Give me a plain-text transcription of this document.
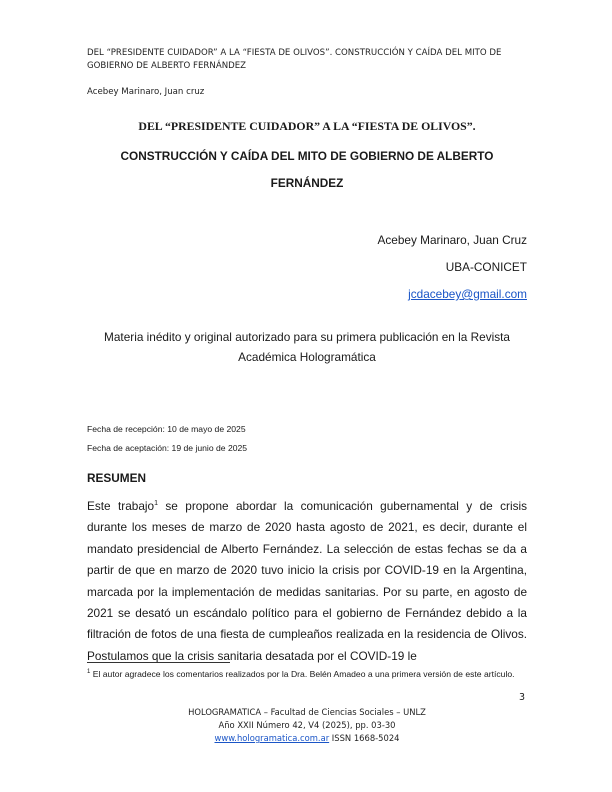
DEL “PRESIDENTE CUIDADOR” A LA “FIESTA DE OLIVOS”. CONSTRUCCIÓN Y CAÍDA DEL MITO DE GOBIERNO DE ALBERTO FERNÁNDEZ
Acebey Marinaro, Juan cruz
DEL “PRESIDENTE CUIDADOR” A LA “FIESTA DE OLIVOS”.
CONSTRUCCIÓN Y CAÍDA DEL MITO DE GOBIERNO DE ALBERTO
FERNÁNDEZ
Acebey Marinaro, Juan Cruz
UBA-CONICET
jcdacebey@gmail.com
Materia inédito y original autorizado para su primera publicación en la Revista Académica Hologramática
Fecha de recepción: 10 de mayo de 2025
Fecha de aceptación: 19 de junio de 2025
RESUMEN

Este trabajo$^1$ se propone abordar la comunicación gubernamental y de crisis durante los meses de marzo de 2020 hasta agosto de 2021, es decir, durante el mandato presidencial de Alberto Fernández. La selección de estas fechas se da a partir de que en marzo de 2020 tuvo inicio la crisis por COVID-19 en la Argentina, marcada por la implementación de medidas sanitarias. Por su parte, en agosto de 2021 se desató un escándalo político para el gobierno de Fernández debido a la filtración de fotos de una fiesta de cumpleaños realizada en la residencia de Olivos. Postulamos que la crisis sanitaria desatada por el COVID-19 le

$^1$ El autor agradece los comentarios realizados por la Dra. Belén Amadeo a una primera versión de este artículo.

3
HOLOGRAMATICA – Facultad de Ciencias Sociales – UNLZ
Año XXII Número 42, V4 (2025), pp. 03-30
www.hologramatica.com.ar ISSN 1668-5024
